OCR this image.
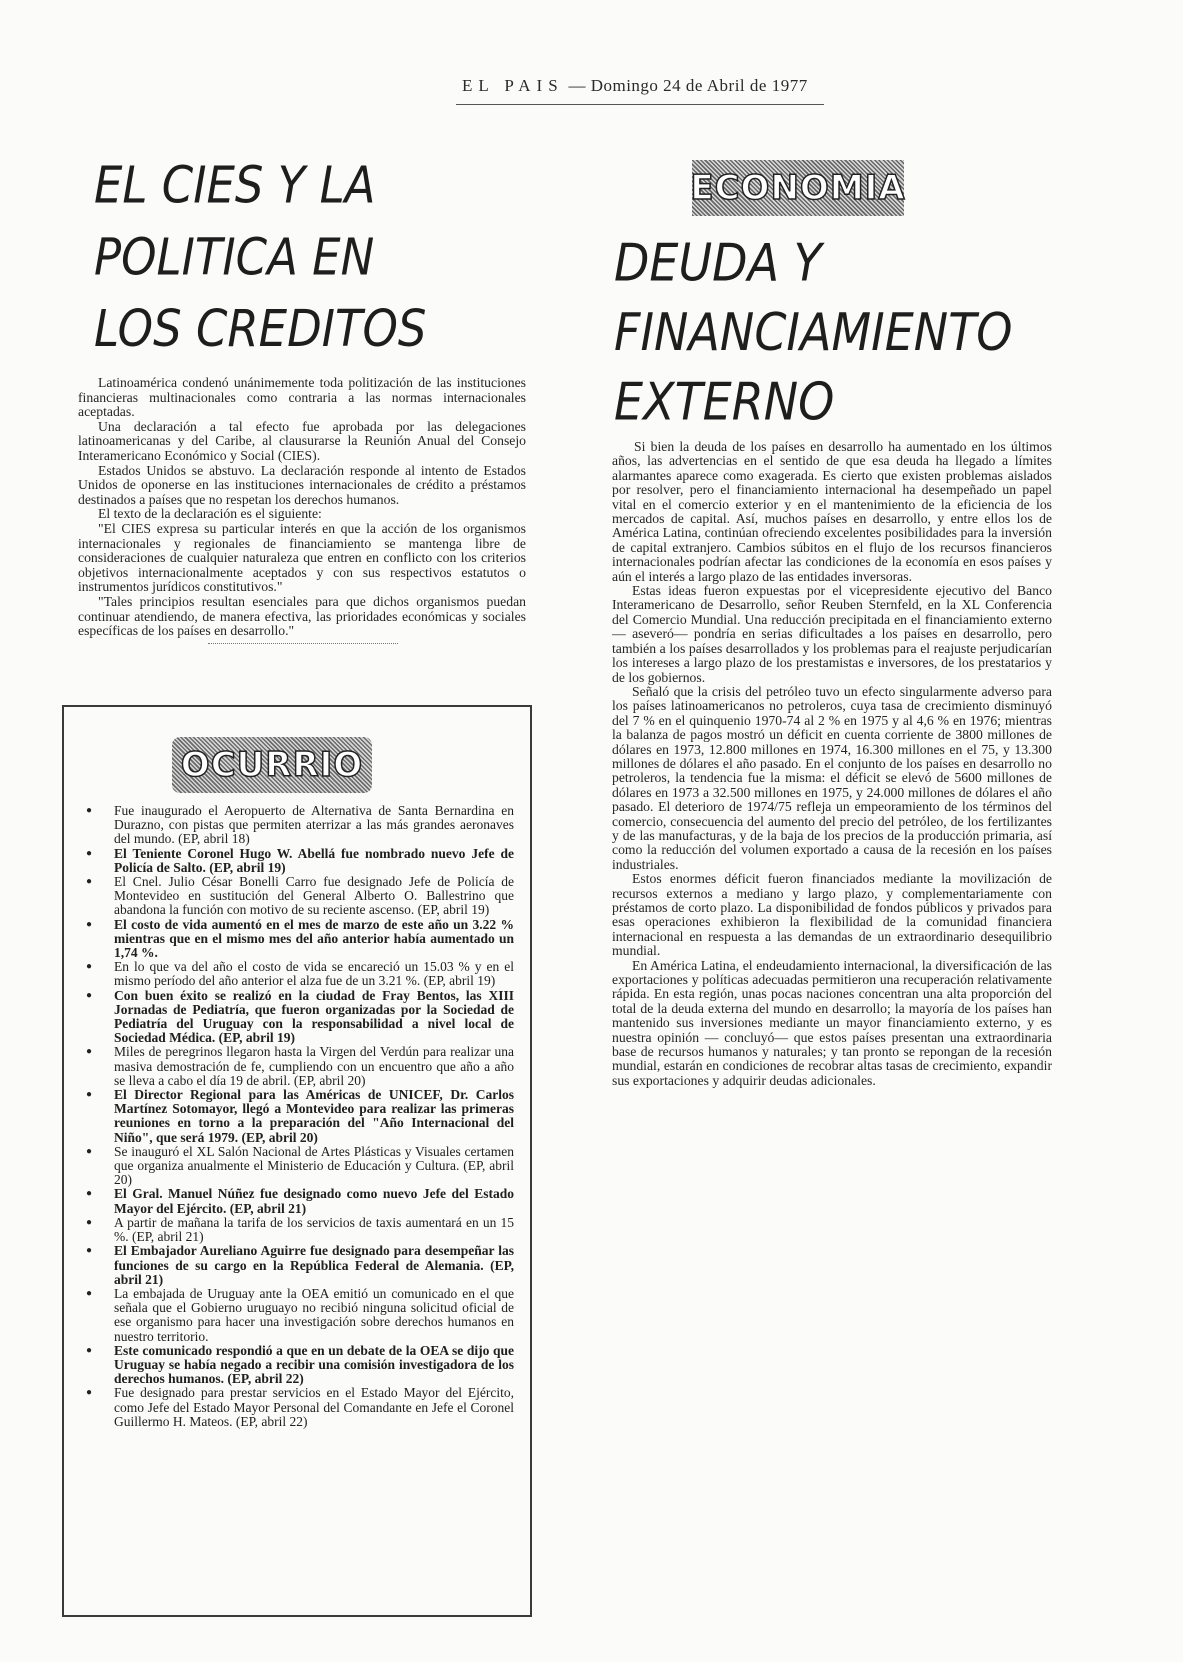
EL PAIS — Domingo 24 de Abril de 1977
EL CIES Y LA
POLITICA EN
LOS CREDITOS

Latinoamérica condenó unánimemente toda politización de las instituciones financieras multinacionales como contraria a las normas internacionales aceptadas.

Una declaración a tal efecto fue aprobada por las delegaciones latinoamericanas y del Caribe, al clausurarse la Reunión Anual del Consejo Interamericano Económico y Social (CIES).

Estados Unidos se abstuvo. La declaración responde al intento de Estados Unidos de oponerse en las instituciones internacionales de crédito a préstamos destinados a países que no respetan los derechos humanos.

El texto de la declaración es el siguiente:

"El CIES expresa su particular interés en que la acción de los organismos internacionales y regionales de financiamiento se mantenga libre de consideraciones de cualquier naturaleza que entren en conflicto con los criterios objetivos internacionalmente aceptados y con sus respectivos estatutos o instrumentos jurídicos constitutivos."

"Tales principios resultan esenciales para que dichos organismos puedan continuar atendiendo, de manera efectiva, las prioridades económicas y sociales específicas de los países en desarrollo."

OCURRIO
● Fue inaugurado el Aeropuerto de Alternativa de Santa Bernardina en Durazno, con pistas que permiten aterrizar a las más grandes aeronaves del mundo. (EP, abril 18)
● El Teniente Coronel Hugo W. Abellá fue nombrado nuevo Jefe de Policía de Salto. (EP, abril 19)
● El Cnel. Julio César Bonelli Carro fue designado Jefe de Policía de Montevideo en sustitución del General Alberto O. Ballestrino que abandona la función con motivo de su reciente ascenso. (EP, abril 19)
● El costo de vida aumentó en el mes de marzo de este año un 3.22 % mientras que en el mismo mes del año anterior había aumentado un 1,74 %.
● En lo que va del año el costo de vida se encareció un 15.03 % y en el mismo período del año anterior el alza fue de un 3.21 %. (EP, abril 19)
● Con buen éxito se realizó en la ciudad de Fray Bentos, las XIII Jornadas de Pediatría, que fueron organizadas por la Sociedad de Pediatría del Uruguay con la responsabilidad a nivel local de Sociedad Médica. (EP, abril 19)
● Miles de peregrinos llegaron hasta la Virgen del Verdún para realizar una masiva demostración de fe, cumpliendo con un encuentro que año a año se lleva a cabo el día 19 de abril. (EP, abril 20)
● El Director Regional para las Américas de UNICEF, Dr. Carlos Martínez Sotomayor, llegó a Montevideo para realizar las primeras reuniones en torno a la preparación del "Año Internacional del Niño", que será 1979. (EP, abril 20)
● Se inauguró el XL Salón Nacional de Artes Plásticas y Visuales certamen que organiza anualmente el Ministerio de Educación y Cultura. (EP, abril 20)
● El Gral. Manuel Núñez fue designado como nuevo Jefe del Estado Mayor del Ejército. (EP, abril 21)
● A partir de mañana la tarifa de los servicios de taxis aumentará en un 15 %. (EP, abril 21)
● El Embajador Aureliano Aguirre fue designado para desempeñar las funciones de su cargo en la República Federal de Alemania. (EP, abril 21)
● La embajada de Uruguay ante la OEA emitió un comunicado en el que señala que el Gobierno uruguayo no recibió ninguna solicitud oficial de ese organismo para hacer una investigación sobre derechos humanos en nuestro territorio.
● Este comunicado respondió a que en un debate de la OEA se dijo que Uruguay se había negado a recibir una comisión investigadora de los derechos humanos. (EP, abril 22)
● Fue designado para prestar servicios en el Estado Mayor del Ejército, como Jefe del Estado Mayor Personal del Comandante en Jefe el Coronel Guillermo H. Mateos. (EP, abril 22)
ECONOMIA
DEUDA Y
FINANCIAMIENTO
EXTERNO

Si bien la deuda de los países en desarrollo ha aumentado en los últimos años, las advertencias en el sentido de que esa deuda ha llegado a límites alarmantes aparece como exagerada. Es cierto que existen problemas aislados por resolver, pero el financiamiento internacional ha desempeñado un papel vital en el comercio exterior y en el mantenimiento de la eficiencia de los mercados de capital. Así, muchos países en desarrollo, y entre ellos los de América Latina, continúan ofreciendo excelentes posibilidades para la inversión de capital extranjero. Cambios súbitos en el flujo de los recursos financieros internacionales podrían afectar las condiciones de la economía en esos países y aún el interés a largo plazo de las entidades inversoras.

Estas ideas fueron expuestas por el vicepresidente ejecutivo del Banco Interamericano de Desarrollo, señor Reuben Sternfeld, en la XL Conferencia del Comercio Mundial. Una reducción precipitada en el financiamiento externo — aseveró— pondría en serias dificultades a los países en desarrollo, pero también a los países desarrollados y los problemas para el reajuste perjudicarían los intereses a largo plazo de los prestamistas e inversores, de los prestatarios y de los gobiernos.

Señaló que la crisis del petróleo tuvo un efecto singularmente adverso para los países latinoamericanos no petroleros, cuya tasa de crecimiento disminuyó del 7 % en el quinquenio 1970-74 al 2 % en 1975 y al 4,6 % en 1976; mientras la balanza de pagos mostró un déficit en cuenta corriente de 3800 millones de dólares en 1973, 12.800 millones en 1974, 16.300 millones en el 75, y 13.300 millones de dólares el año pasado. En el conjunto de los países en desarrollo no petroleros, la tendencia fue la misma: el déficit se elevó de 5600 millones de dólares en 1973 a 32.500 millones en 1975, y 24.000 millones de dólares el año pasado. El deterioro de 1974/75 refleja un empeoramiento de los términos del comercio, consecuencia del aumento del precio del petróleo, de los fertilizantes y de las manufacturas, y de la baja de los precios de la producción primaria, así como la reducción del volumen exportado a causa de la recesión en los países industriales.

Estos enormes déficit fueron financiados mediante la movilización de recursos externos a mediano y largo plazo, y complementariamente con préstamos de corto plazo. La disponibilidad de fondos públicos y privados para esas operaciones exhibieron la flexibilidad de la comunidad financiera internacional en respuesta a las demandas de un extraordinario desequilibrio mundial.

En América Latina, el endeudamiento internacional, la diversificación de las exportaciones y políticas adecuadas permitieron una recuperación relativamente rápida. En esta región, unas pocas naciones concentran una alta proporción del total de la deuda externa del mundo en desarrollo; la mayoría de los países han mantenido sus inversiones mediante un mayor financiamiento externo, y es nuestra opinión — concluyó— que estos países presentan una extraordinaria base de recursos humanos y naturales; y tan pronto se repongan de la recesión mundial, estarán en condiciones de recobrar altas tasas de crecimiento, expandir sus exportaciones y adquirir deudas adicionales.
